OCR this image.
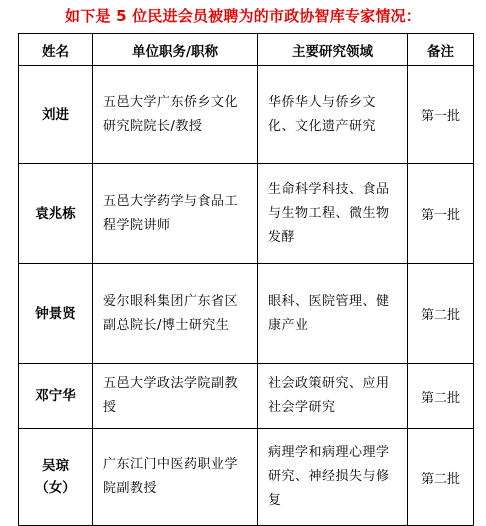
如下是 5 位民进会员被聘为的市政协智库专家情况：
姓名	单位职务/职称	主要研究领域	备注
刘进	五邑大学广东侨乡文化研究院院长/教授	华侨华人与侨乡文化、文化遗产研究	第一批
袁兆栋	五邑大学药学与食品工程学院讲师	生命科学科技、食品与生物工程、微生物发酵	第一批
钟景贤	爱尔眼科集团广东省区副总院长/博士研究生	眼科、医院管理、健康产业	第二批
邓宁华	五邑大学政法学院副教授	社会政策研究、应用社会学研究	第二批

吴琼
（女）	广东江门中医药职业学院副教授	病理学和病理心理学研究、神经损失与修复	第二批
